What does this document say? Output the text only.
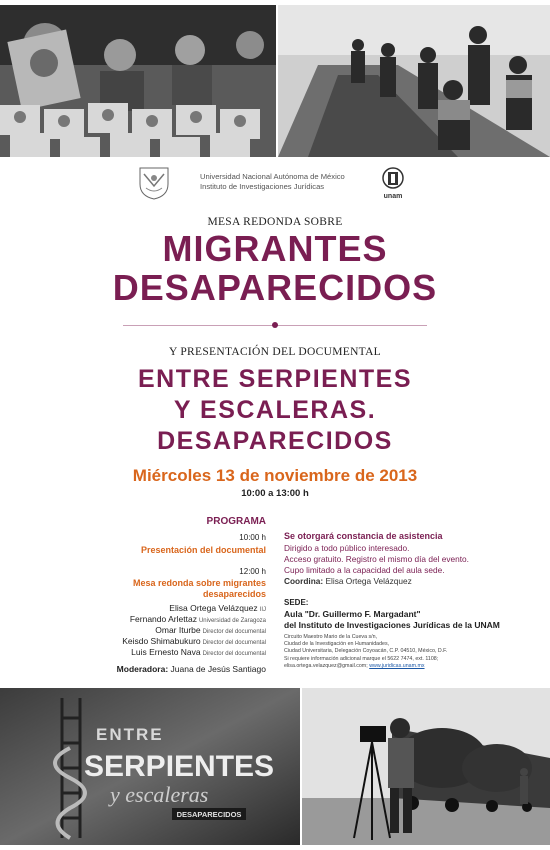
Universidad Nacional Autónoma de México
Instituto de Investigaciones Jurídicas
unam
MESA REDONDA SOBRE
MIGRANTES
DESAPARECIDOS
Y PRESENTACIÓN DEL DOCUMENTAL
ENTRE SERPIENTES
Y ESCALERAS.
DESAPARECIDOS
Miércoles 13 de noviembre de 2013
10:00 a 13:00 h
PROGRAMA
10:00 h
Presentación del documental
12:00 h
Mesa redonda sobre migrantes
desaparecidos
Elisa Ortega Velázquez IIJ
Fernando Arlettaz Universidad de Zaragoza
Omar Iturbe Director del documental
Keisdo Shimabukuro Director del documental
Luis Ernesto Nava Director del documental
Moderadora: Juana de Jesús Santiago
Se otorgará constancia de asistencia
Dirigido a todo público interesado.
Acceso gratuito. Registro el mismo día del evento.
Cupo limitado a la capacidad del aula sede.
Coordina: Elisa Ortega Velázquez
SEDE:
Aula "Dr. Guillermo F. Margadant"
del Instituto de Investigaciones Jurídicas de la UNAM
Circuito Maestro Mario de la Cueva s/n,
Ciudad de la Investigación en Humanidades,
Ciudad Universitaria, Delegación Coyoacán, C.P. 04510, México, D.F.
Si requiere información adicional marque el 5622 7474, ext. 1108;
elisa.ortega.velazquez@gmail.com; www.juridicas.unam.mx
ENTRE
SERPIENTES
y escaleras
DESAPARECIDOS
